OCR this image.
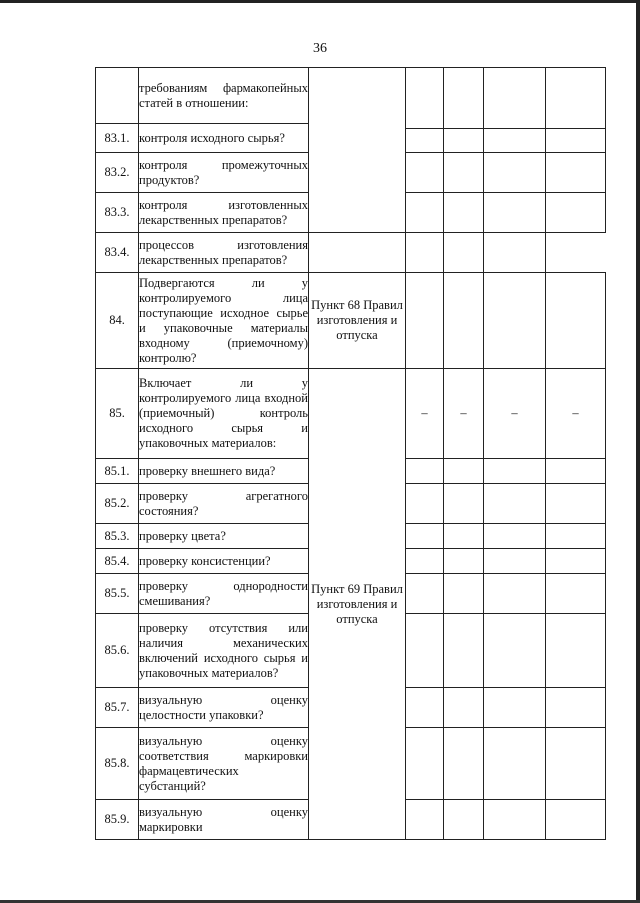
36
	требованиям фармакопейных статей в отношении:					
83.1.	контроля исходного сырья?					

83.2.	контроля промежуточных продуктов?					
83.3.	контроля изготовленных лекарственных препаратов?					
83.4.	процессов изготовления лекарственных препаратов?					
84.	Подвергаются ли у контролируемого лица поступающие исходное сырье и упаковочные материалы входному (приемочному) контролю?	Пункт 68 Правил изготовления и отпуска				
85.	Включает ли у контролируемого лица входной (приемочный) контроль исходного сырья и упаковочных материалов:	Пункт 69 Правил изготовления и отпуска	–	–	–	–
85.1.	проверку внешнего вида?					
85.2.	проверку агрегатного состояния?					
85.3.	проверку цвета?					
85.4.	проверку консистенции?					
85.5.	проверку однородности смешивания?					
85.6.	проверку отсутствия или наличия механических включений исходного сырья и упаковочных материалов?					
85.7.	визуальную оценку целостности упаковки?					
85.8.	визуальную оценку соответствия маркировки фармацевтических субстанций?					
85.9.	визуальную оценку маркировки					
